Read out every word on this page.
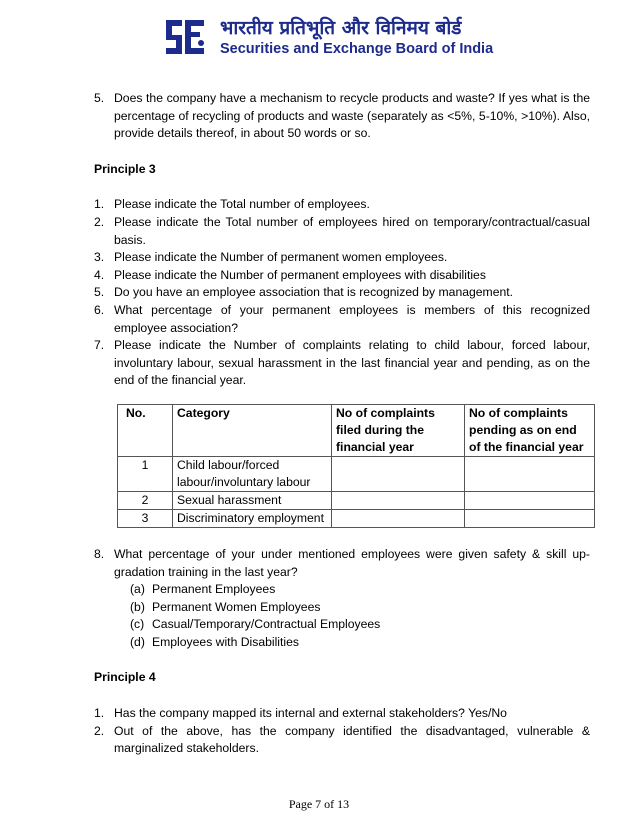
भारतीय प्रतिभूति और विनिमय बोर्ड
Securities and Exchange Board of India
5. Does the company have a mechanism to recycle products and waste? If yes what is the percentage of recycling of products and waste (separately as <5%, 5-10%, >10%). Also, provide details thereof, in about 50 words or so.
Principle 3
1. Please indicate the Total number of employees.
2. Please indicate the Total number of employees hired on temporary/contractual/casual basis.
3. Please indicate the Number of permanent women employees.
4. Please indicate the Number of permanent employees with disabilities
5. Do you have an employee association that is recognized by management.
6. What percentage of your permanent employees is members of this recognized employee association?
7. Please indicate the Number of complaints relating to child labour, forced labour, involuntary labour, sexual harassment in the last financial year and pending, as on the end of the financial year.
No.	Category	No of complaints filed during the financial year	No of complaints pending as on end of the financial year
1	Child labour/forced labour/involuntary labour		
2	Sexual harassment		
3	Discriminatory employment		
8. What percentage of your under mentioned employees were given safety & skill up-gradation training in the last year?
(a) Permanent Employees
(b) Permanent Women Employees
(c) Casual/Temporary/Contractual Employees
(d) Employees with Disabilities
Principle 4
1. Has the company mapped its internal and external stakeholders? Yes/No
2. Out of the above, has the company identified the disadvantaged, vulnerable & marginalized stakeholders.
Page 7 of 13
